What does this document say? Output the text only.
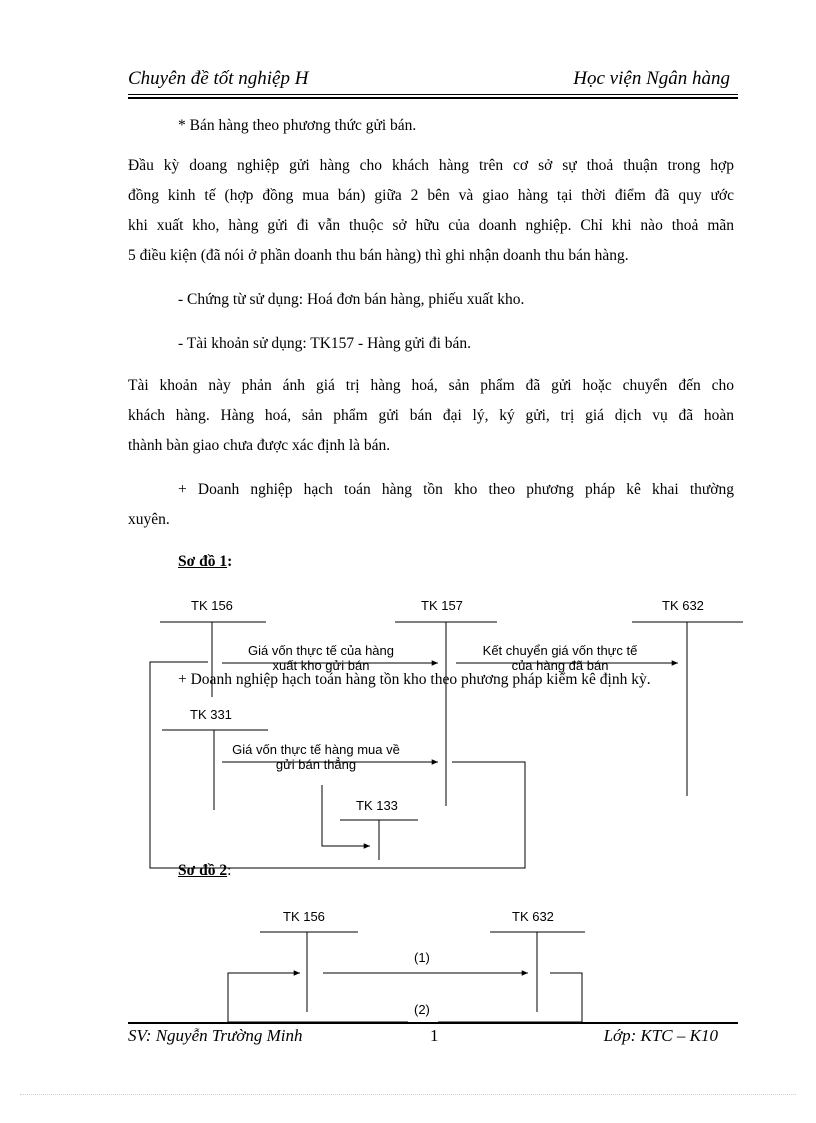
Chuyên đề tốt nghiệp H	Học viện Ngân hàng
* Bán hàng theo phương thức gửi bán.
Đầu kỳ doang nghiệp gửi hàng cho khách hàng trên cơ sở sự thoả thuận trong hợp
đồng kinh tế (hợp đồng mua bán) giữa 2 bên và giao hàng tại thời điểm đã quy ước
khi xuất kho, hàng gửi đi vẫn thuộc sở hữu của doanh nghiệp. Chỉ khi nào thoả mãn
5 điều kiện (đã nói ở phần doanh thu bán hàng) thì ghi nhận doanh thu bán hàng.
- Chứng từ sử dụng: Hoá đơn bán hàng, phiếu xuất kho.
- Tài khoản sử dụng: TK157 - Hàng gửi đi bán.
Tài khoản này phản ánh giá trị hàng hoá, sản phẩm đã gửi hoặc chuyển đến cho
khách hàng. Hàng hoá, sản phẩm gửi bán đại lý, ký gửi, trị giá dịch vụ đã hoàn
thành bàn giao chưa được xác định là bán.
+ Doanh nghiệp hạch toán hàng tồn kho theo phương pháp kê khai thường
xuyên.
Sơ đồ 1:
TK 156	TK 157	TK 632
TK 331
TK 133
Giá vốn thực tế của hàng
xuất kho gửi bán
Kết chuyển giá vốn thực tế
của hàng đã bán
Giá vốn thực tế hàng mua về
gửi bán thẳng
+ Doanh nghiệp hạch toán hàng tồn kho theo phương pháp kiểm kê định kỳ.
Sơ đồ 2:
TK 156	TK 632
(1)
(2)
SV: Nguyễn Trường Minh	1	Lớp: KTC – K10
